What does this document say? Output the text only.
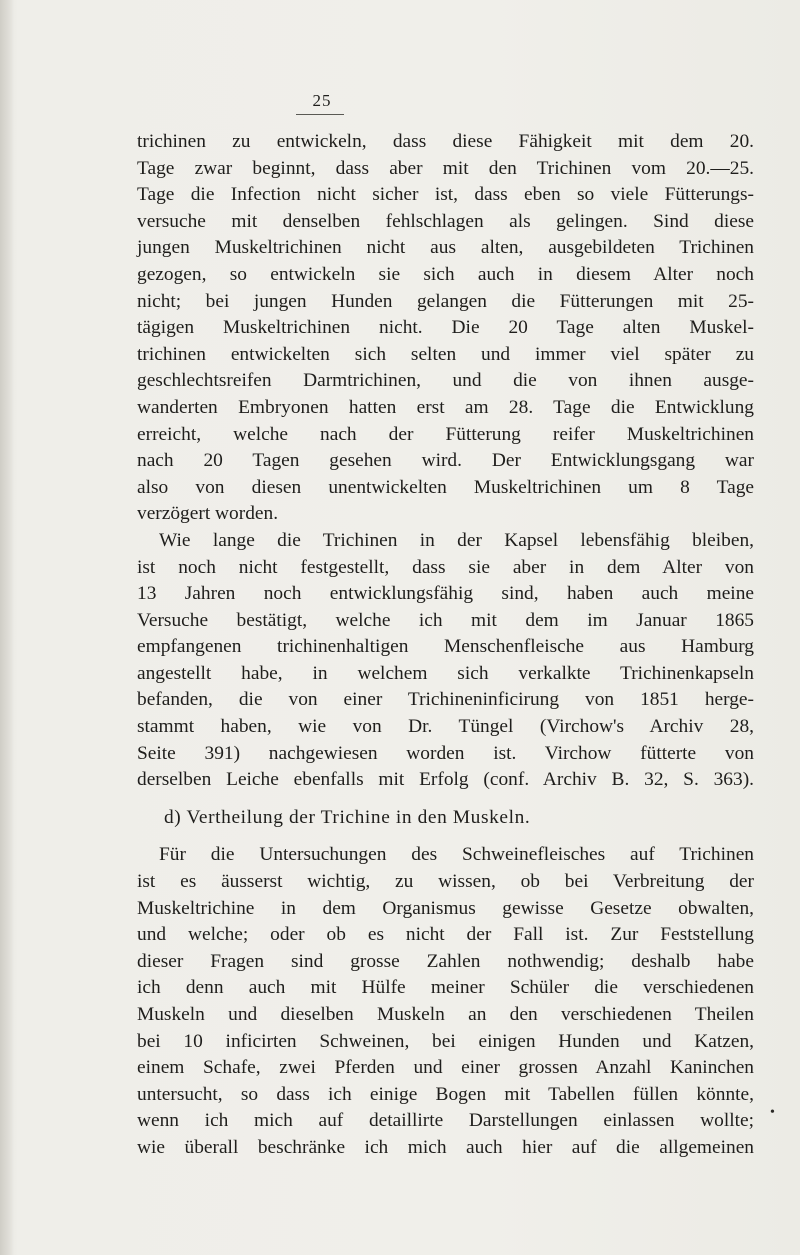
25
trichinen zu entwickeln, dass diese Fähigkeit mit dem 20.
Tage zwar beginnt, dass aber mit den Trichinen vom 20.—25.
Tage die Infection nicht sicher ist, dass eben so viele Fütterungs-
versuche mit denselben fehlschlagen als gelingen. Sind diese
jungen Muskeltrichinen nicht aus alten, ausgebildeten Trichinen
gezogen, so entwickeln sie sich auch in diesem Alter noch
nicht; bei jungen Hunden gelangen die Fütterungen mit 25-
tägigen Muskeltrichinen nicht. Die 20 Tage alten Muskel-
trichinen entwickelten sich selten und immer viel später zu
geschlechtsreifen Darmtrichinen, und die von ihnen ausge-
wanderten Embryonen hatten erst am 28. Tage die Entwicklung
erreicht, welche nach der Fütterung reifer Muskeltrichinen
nach 20 Tagen gesehen wird. Der Entwicklungsgang war
also von diesen unentwickelten Muskeltrichinen um 8 Tage
verzögert worden.
Wie lange die Trichinen in der Kapsel lebensfähig bleiben,
ist noch nicht festgestellt, dass sie aber in dem Alter von
13 Jahren noch entwicklungsfähig sind, haben auch meine
Versuche bestätigt, welche ich mit dem im Januar 1865
empfangenen trichinenhaltigen Menschenfleische aus Hamburg
angestellt habe, in welchem sich verkalkte Trichinenkapseln
befanden, die von einer Trichineninficirung von 1851 herge-
stammt haben, wie von Dr. Tüngel (Virchow's Archiv 28,
Seite 391) nachgewiesen worden ist. Virchow fütterte von
derselben Leiche ebenfalls mit Erfolg (conf. Archiv B. 32, S. 363).
d) Vertheilung der Trichine in den Muskeln.
Für die Untersuchungen des Schweinefleisches auf Trichinen
ist es äusserst wichtig, zu wissen, ob bei Verbreitung der
Muskeltrichine in dem Organismus gewisse Gesetze obwalten,
und welche; oder ob es nicht der Fall ist. Zur Feststellung
dieser Fragen sind grosse Zahlen nothwendig; deshalb habe
ich denn auch mit Hülfe meiner Schüler die verschiedenen
Muskeln und dieselben Muskeln an den verschiedenen Theilen
bei 10 inficirten Schweinen, bei einigen Hunden und Katzen,
einem Schafe, zwei Pferden und einer grossen Anzahl Kaninchen
untersucht, so dass ich einige Bogen mit Tabellen füllen könnte,
wenn ich mich auf detaillirte Darstellungen einlassen wollte;
wie überall beschränke ich mich auch hier auf die allgemeinen
•
